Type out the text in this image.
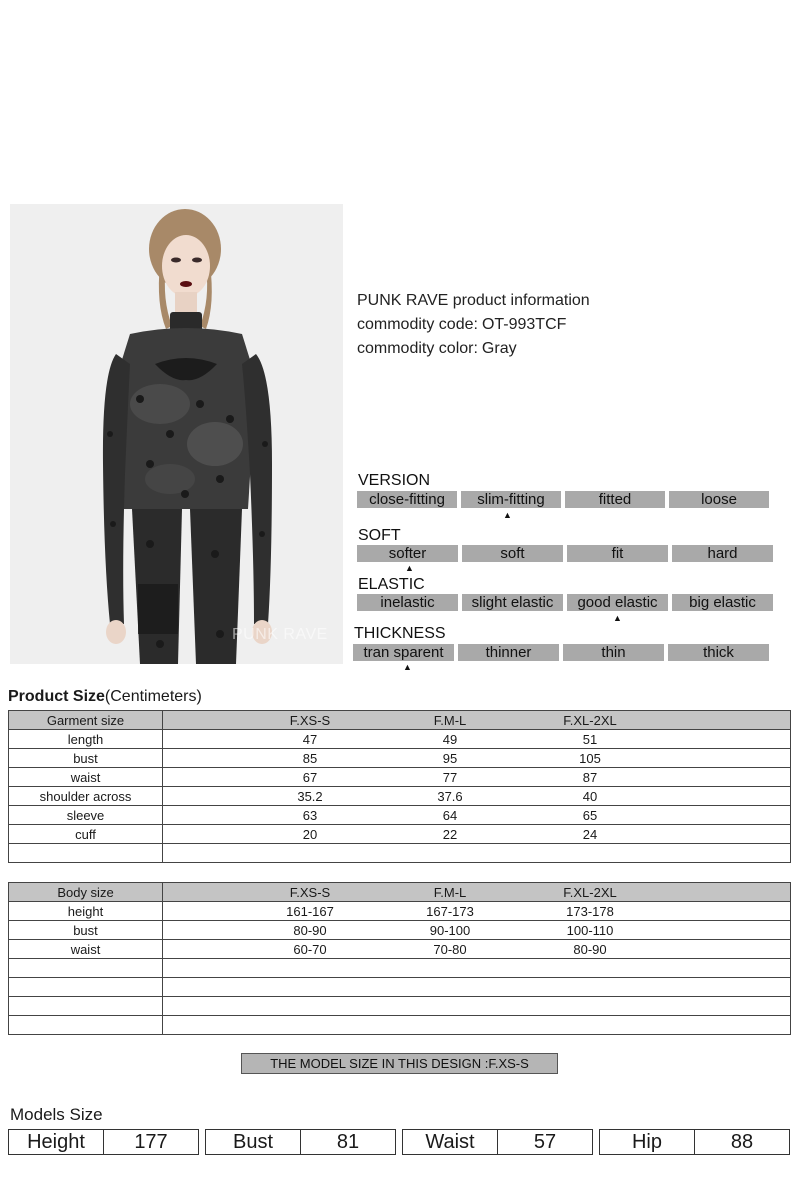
PUNK RAVE
PUNK RAVE product information
commodity code: OT-993TCF
commodity color: Gray
VERSION
close-fitting	slim-fitting	fitted	loose
▲
SOFT
softer	soft	fit	hard
▲
ELASTIC
inelastic	slight elastic	good elastic	big elastic
▲
THICKNESS
tran sparent	thinner	thin	thick
▲
Product Size(Centimeters)
Garment size	F.XS-S F.M-L F.XL-2XL

length	47 49 51

bust	85 95 105

waist	67 77 87

shoulder across	35.2 37.6 40

sleeve	63 64 65

cuff	20 22 24

Body size	F.XS-S F.M-L F.XL-2XL

height	161-167 167-173 173-178

bust	80-90 90-100 100-110

waist	60-70 70-80 80-90

THE MODEL SIZE IN THIS DESIGN :F.XS-S
Models Size
Height	177	Bust	81	Waist	57	Hip	88
